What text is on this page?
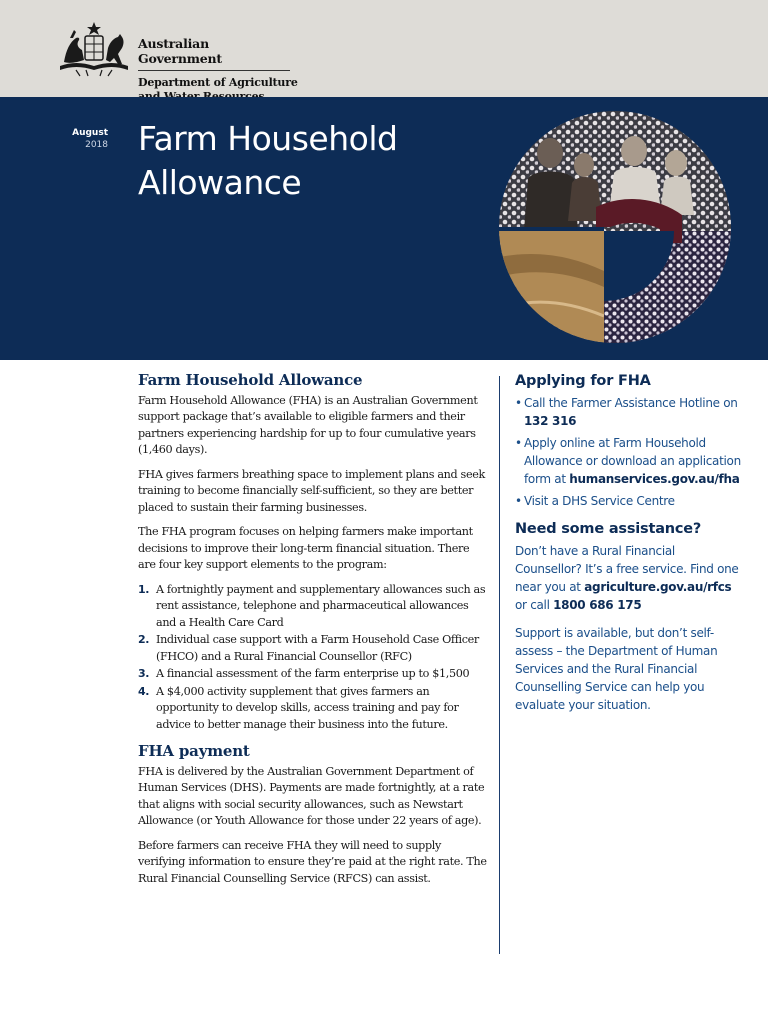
Australian Government
Department of Agriculture
August
2018 Farm Household
Allowance
Farm Household Allowance

Farm Household Allowance (FHA) is an Australian Government support package that’s available to eligible farmers and their partners experiencing hardship for up to four cumulative years (1,460 days).

FHA gives farmers breathing space to implement plans and seek training to become financially self-sufficient, so they are better placed to sustain their farming businesses.

The FHA program focuses on helping farmers make important decisions to improve their long-term financial situation. There are four key support elements to the program:

1. A fortnightly payment and supplementary allowances such as rent assistance, telephone and pharmaceutical allowances and a Health Care Card
2. Individual case support with a Farm Household Case Officer (FHCO) and a Rural Financial Counsellor (RFC)
3. A financial assessment of the farm enterprise up to $1,500
4. A $4,000 activity supplement that gives farmers an opportunity to develop skills, access training and pay for advice to better manage their business into the future.
FHA payment

FHA is delivered by the Australian Government Department of Human Services (DHS). Payments are made fortnightly, at a rate that aligns with social security allowances, such as Newstart Allowance (or Youth Allowance for those under 22 years of age).

Before farmers can receive FHA they will need to supply verifying information to ensure they’re paid at the right rate. The Rural Financial Counselling Service (RFCS) can assist.

Applying for FHA
• Call the Farmer Assistance Hotline on 132 316
• Apply online at Farm Household Allowance or download an application form at humanservices.gov.au/fha
• Visit a DHS Service Centre
Need some assistance?

Don’t have a Rural Financial Counsellor? It’s a free service. Find one near you at agriculture.gov.au/rfcs or call 1800 686 175

Support is available, but don’t self-assess – the Department of Human Services and the Rural Financial Counselling Service can help you evaluate your situation.
